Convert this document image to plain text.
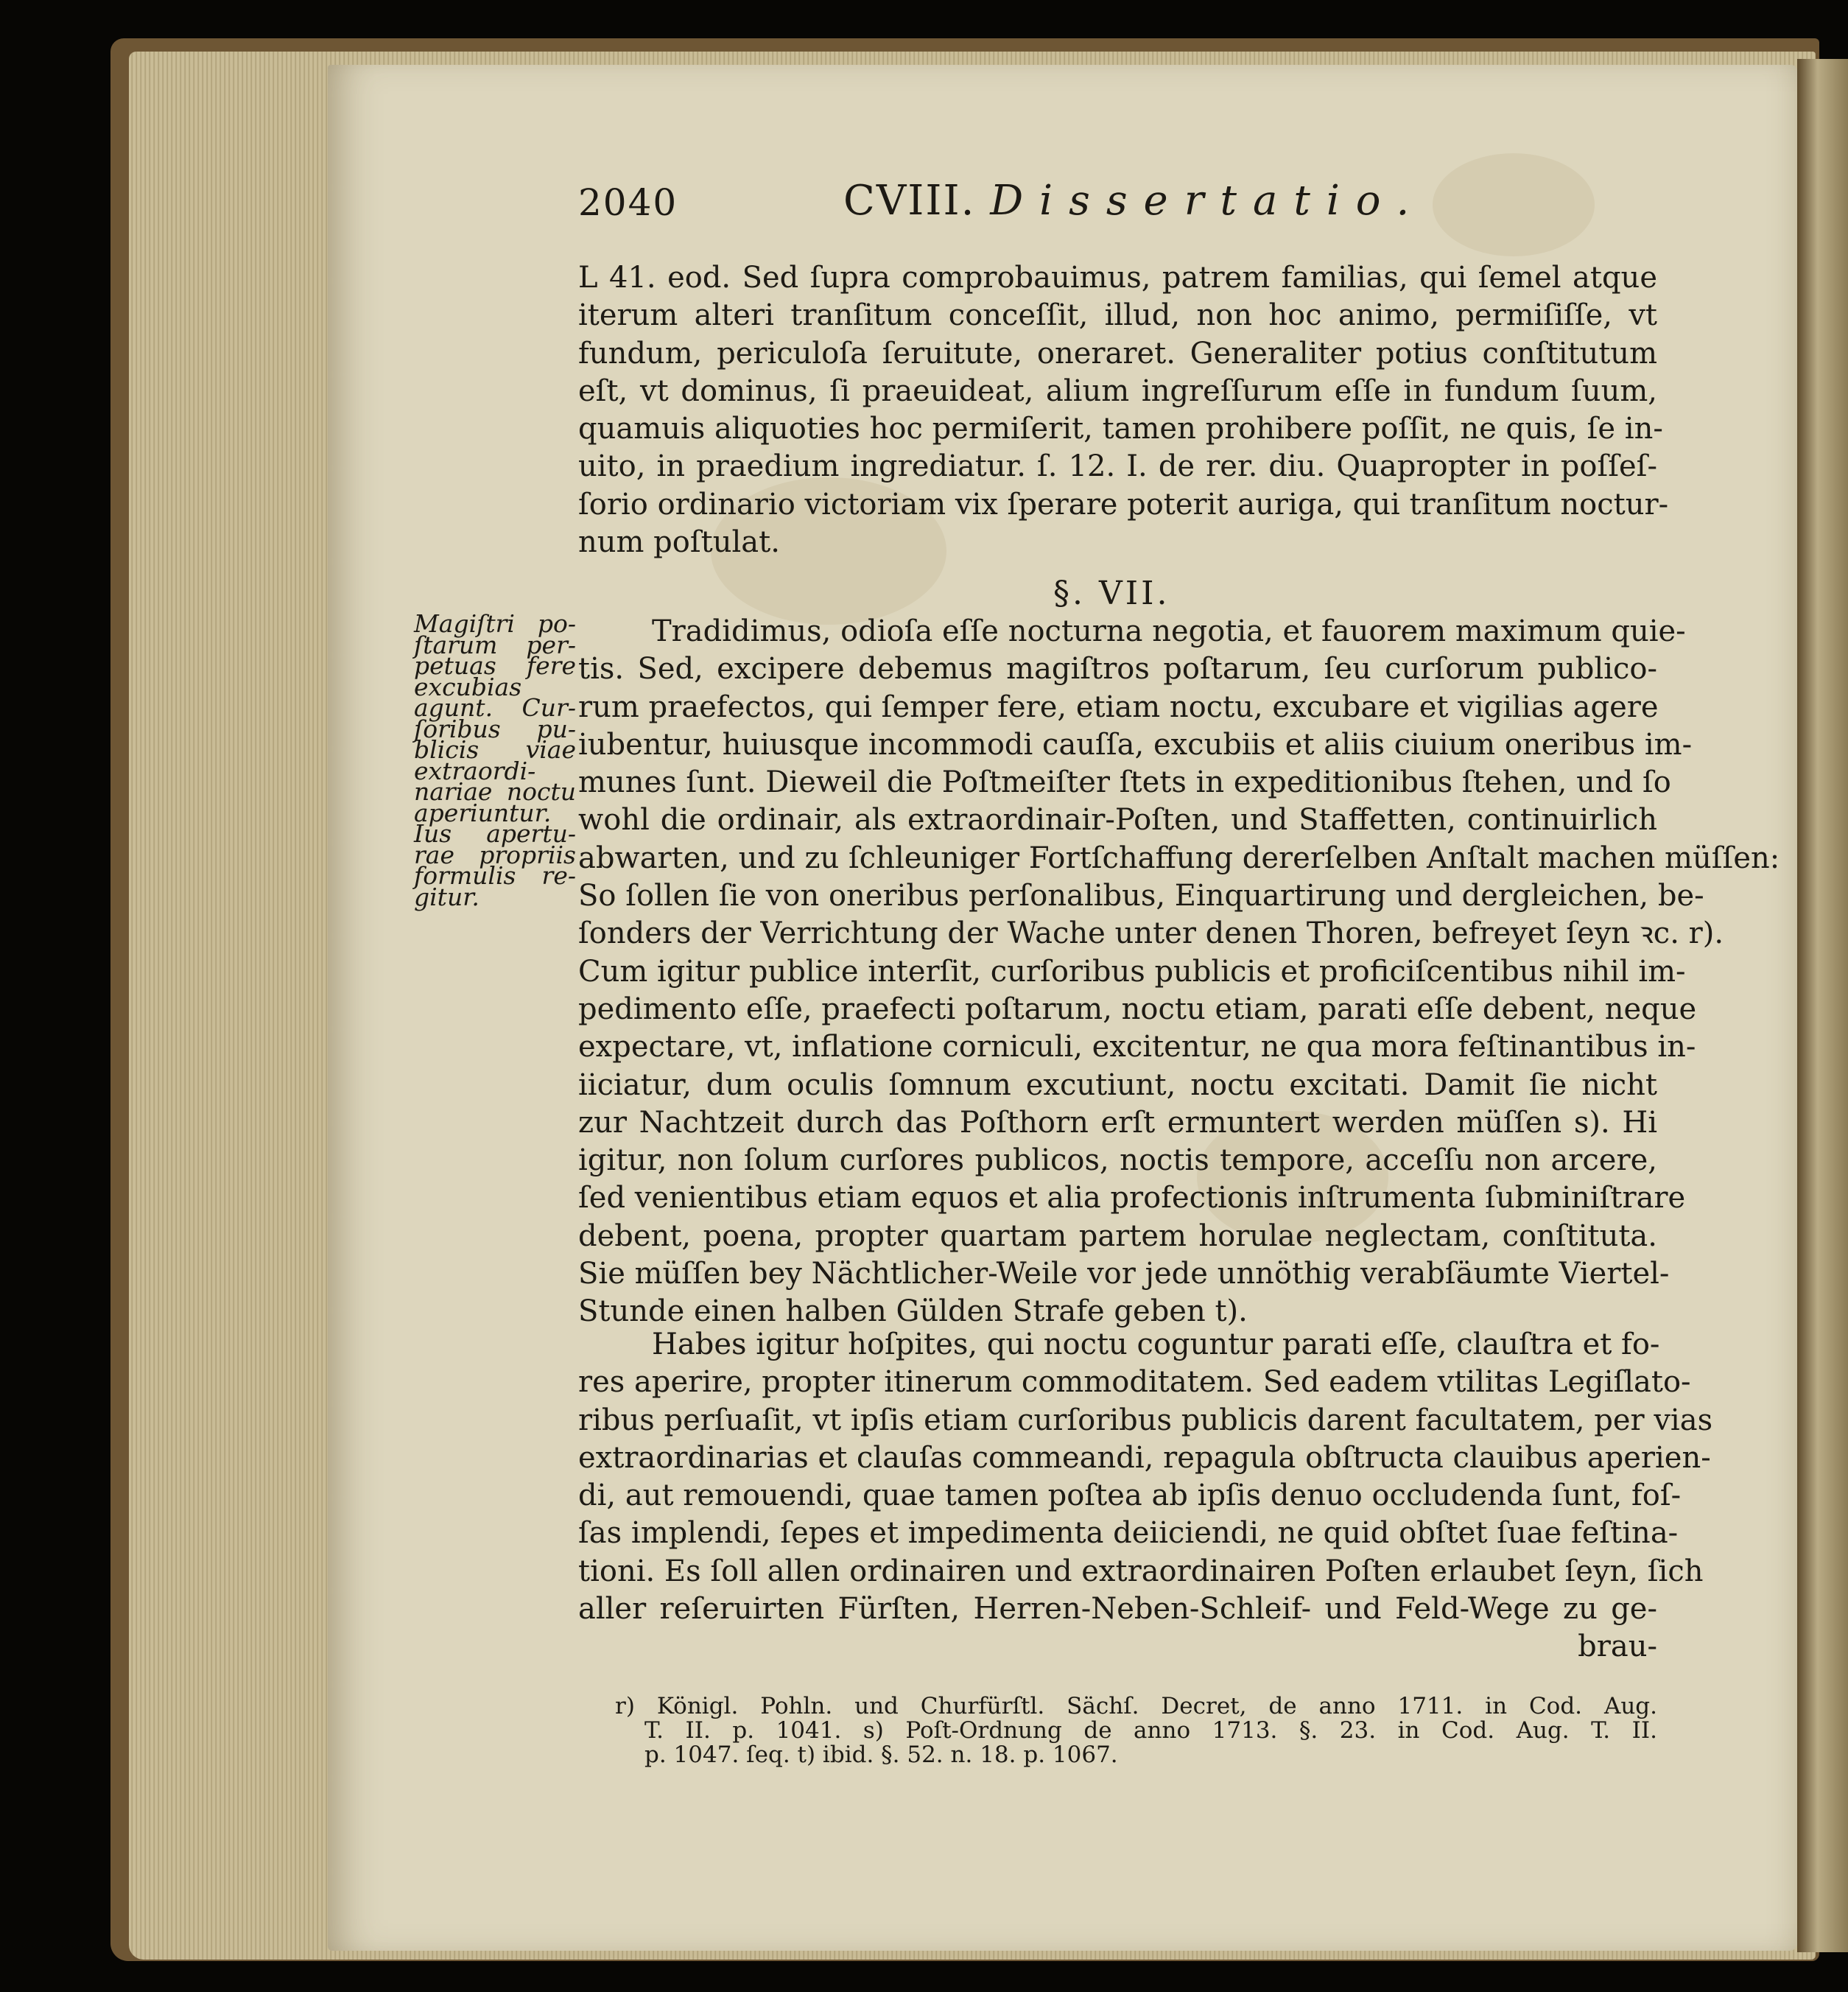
2040	CVIII. Dissertatio.
L 41. eod. Sed ſupra comprobauimus, patrem familias, qui ſemel atque
iterum alteri tranſitum conceſſit, illud, non hoc animo, permiſiſſe, vt
fundum, periculoſa ſeruitute, oneraret. Generaliter potius conſtitutum
eſt, vt dominus, ſi praeuideat, alium ingreſſurum eſſe in fundum ſuum,
quamuis aliquoties hoc permiſerit, tamen prohibere poſſit, ne quis, ſe in-
uito, in praedium ingrediatur. ſ. 12. I. de rer. diu. Quapropter in poſſeſ-
ſorio ordinario victoriam vix ſperare poterit auriga, qui tranſitum noctur-
num poſtulat.
§. VII.
Magiſtri po-
ſtarum per-
petuas fere
excubias
agunt. Cur-
ſoribus pu-
blicis viae
extraordi-
nariae noctu
aperiuntur.
Ius apertu-
rae propriis
formulis re-
gitur.
Tradidimus, odioſa eſſe nocturna negotia, et fauorem maximum quie-
tis. Sed, excipere debemus magiſtros poſtarum, ſeu curſorum publico-
rum praefectos, qui ſemper fere, etiam noctu, excubare et vigilias agere
iubentur, huiusque incommodi cauſſa, excubiis et aliis ciuium oneribus im-
munes ſunt. Dieweil die Poſtmeiſter ſtets in expeditionibus ſtehen, und ſo
wohl die ordinair, als extraordinair-Poſten, und Staffetten, continuirlich
abwarten, und zu ſchleuniger Fortſchaffung dererſelben Anſtalt machen müſſen:
So ſollen ſie von oneribus perſonalibus, Einquartirung und dergleichen, be-
ſonders der Verrichtung der Wache unter denen Thoren, befreyet ſeyn ꝛc. r).
Cum igitur publice interſit, curſoribus publicis et proficiſcentibus nihil im-
pedimento eſſe, praefecti poſtarum, noctu etiam, parati eſſe debent, neque
expectare, vt, inflatione corniculi, excitentur, ne qua mora feſtinantibus in-
iiciatur, dum oculis ſomnum excutiunt, noctu excitati. Damit ſie nicht
zur Nachtzeit durch das Poſthorn erſt ermuntert werden müſſen s). Hi
igitur, non ſolum curſores publicos, noctis tempore, acceſſu non arcere,
ſed venientibus etiam equos et alia profectionis inſtrumenta ſubminiſtrare
debent, poena, propter quartam partem horulae neglectam, conſtituta.
Sie müſſen bey Nächtlicher-Weile vor jede unnöthig verabſäumte Viertel-
Stunde einen halben Gülden Strafe geben t).
Habes igitur hoſpites, qui noctu coguntur parati eſſe, clauſtra et fo-
res aperire, propter itinerum commoditatem. Sed eadem vtilitas Legiſlato-
ribus perſuaſit, vt ipſis etiam curſoribus publicis darent facultatem, per vias
extraordinarias et clauſas commeandi, repagula obſtructa clauibus aperien-
di, aut remouendi, quae tamen poſtea ab ipſis denuo occludenda ſunt, foſ-
ſas implendi, ſepes et impedimenta deiiciendi, ne quid obſtet ſuae feſtina-
tioni. Es ſoll allen ordinairen und extraordinairen Poſten erlaubet ſeyn, ſich
aller reſeruirten Fürſten, Herren-Neben-Schleif- und Feld-Wege zu ge-
brau-
r) Königl. Pohln. und Churfürſtl. Sächſ. Decret, de anno 1711. in Cod. Aug.
T. II. p. 1041. s) Poſt-Ordnung de anno 1713. §. 23. in Cod. Aug. T. II.
p. 1047. ſeq. t) ibid. §. 52. n. 18. p. 1067.
